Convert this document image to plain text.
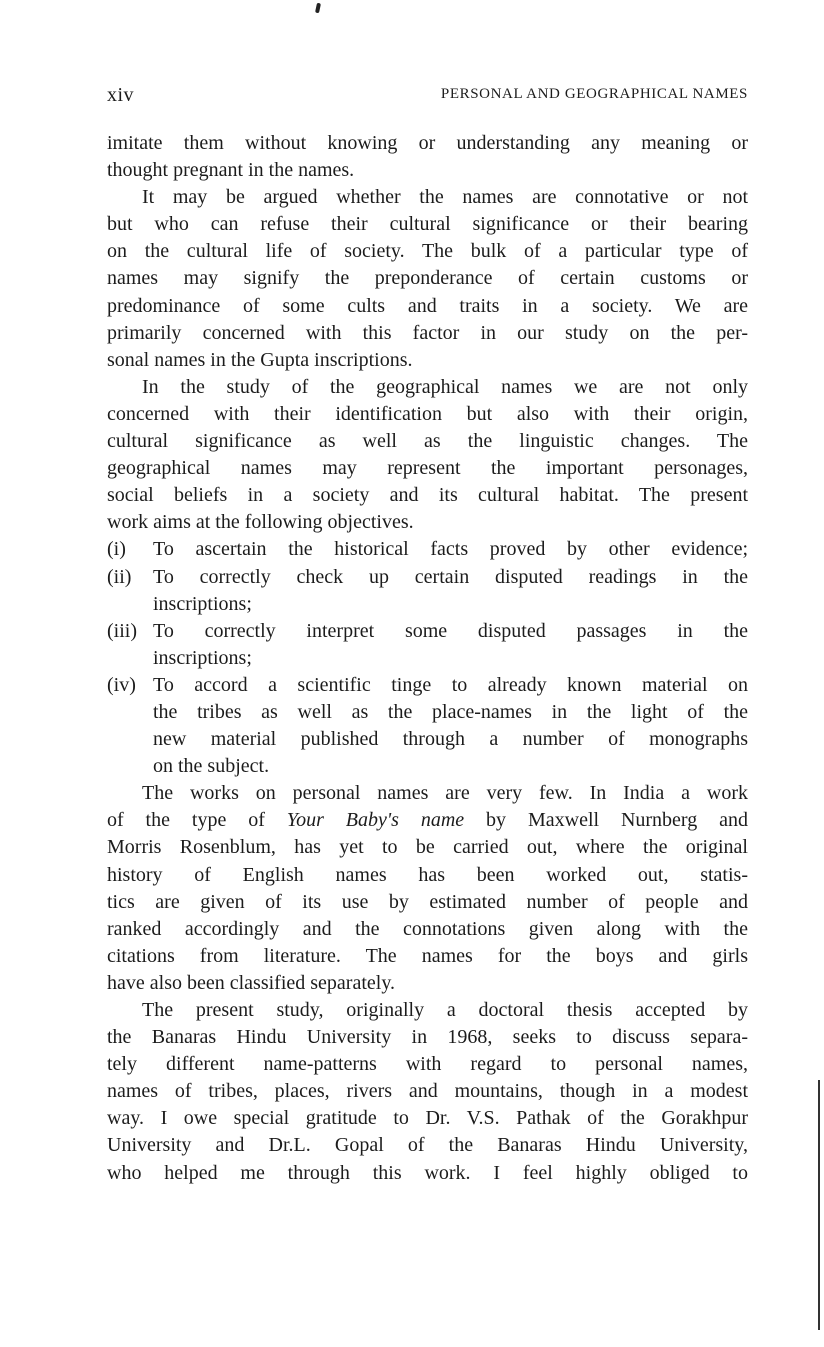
xiv	PERSONAL AND GEOGRAPHICAL NAMES
imitate them without knowing or understanding any meaning or
thought pregnant in the names.
It may be argued whether the names are connotative or not
but who can refuse their cultural significance or their bearing
on the cultural life of society. The bulk of a particular type of
names may signify the preponderance of certain customs or
predominance of some cults and traits in a society. We are
primarily concerned with this factor in our study on the per-
sonal names in the Gupta inscriptions.
In the study of the geographical names we are not only
concerned with their identification but also with their origin,
cultural significance as well as the linguistic changes. The
geographical names may represent the important personages,
social beliefs in a society and its cultural habitat. The present
work aims at the following objectives.
(i)	To ascertain the historical facts proved by other evidence;
(ii)	To correctly check up certain disputed readings in the
inscriptions;
(iii) To correctly interpret some disputed passages in the
inscriptions;
(iv) To accord a scientific tinge to already known material on
the tribes as well as the place-names in the light of the
new material published through a number of monographs
on the subject.
The works on personal names are very few. In India a work
of the type of Your Baby's name by Maxwell Nurnberg and
Morris Rosenblum, has yet to be carried out, where the original
history of English names has been worked out, statis-
tics are given of its use by estimated number of people and
ranked accordingly and the connotations given along with the
citations from literature. The names for the boys and girls
have also been classified separately.
The present study, originally a doctoral thesis accepted by
the Banaras Hindu University in 1968, seeks to discuss separa-
tely different name-patterns with regard to personal names,
names of tribes, places, rivers and mountains, though in a modest
way. I owe special gratitude to Dr. V.S. Pathak of the Gorakhpur
University and Dr.L. Gopal of the Banaras Hindu University,
who helped me through this work. I feel highly obliged to
